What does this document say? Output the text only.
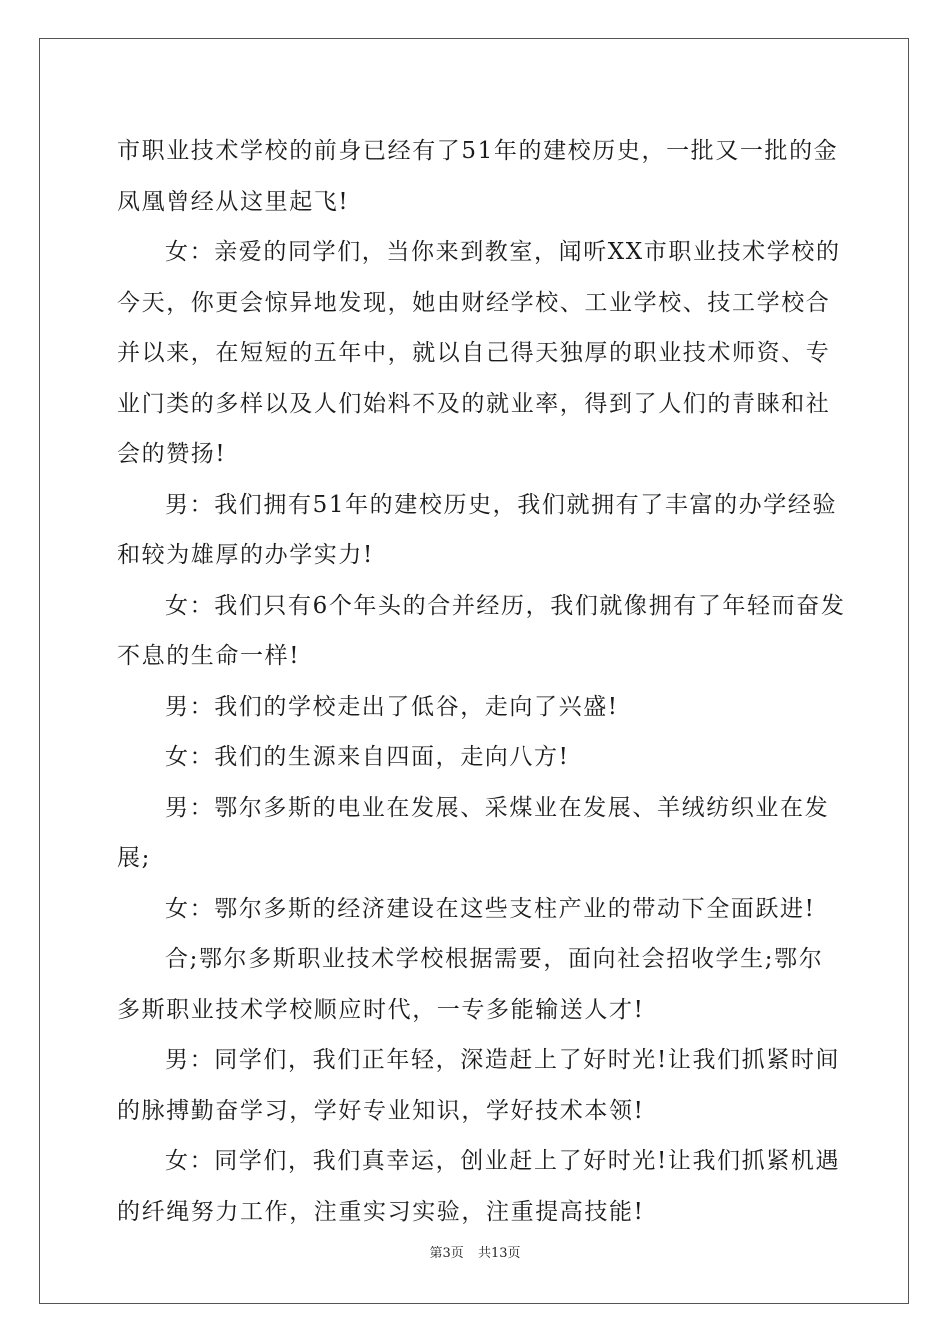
市职业技术学校的前身已经有了51年的建校历史，一批又一批的金凤凰曾经从这里起飞!

女：亲爱的同学们，当你来到教室，闻听XX市职业技术学校的今天，你更会惊异地发现，她由财经学校、工业学校、技工学校合并以来，在短短的五年中，就以自己得天独厚的职业技术师资、专业门类的多样以及人们始料不及的就业率，得到了人们的青睐和社会的赞扬!

男：我们拥有51年的建校历史，我们就拥有了丰富的办学经验和较为雄厚的办学实力!

女：我们只有6个年头的合并经历，我们就像拥有了年轻而奋发不息的生命一样!

男：我们的学校走出了低谷，走向了兴盛!

女：我们的生源来自四面，走向八方!

男：鄂尔多斯的电业在发展、采煤业在发展、羊绒纺织业在发展;

女：鄂尔多斯的经济建设在这些支柱产业的带动下全面跃进!

合;鄂尔多斯职业技术学校根据需要，面向社会招收学生;鄂尔多斯职业技术学校顺应时代，一专多能输送人才!

男：同学们，我们正年轻，深造赶上了好时光!让我们抓紧时间的脉搏勤奋学习，学好专业知识，学好技术本领!

女：同学们，我们真幸运，创业赶上了好时光!让我们抓紧机遇的纤绳努力工作，注重实习实验，注重提高技能!

第3页 共13页
